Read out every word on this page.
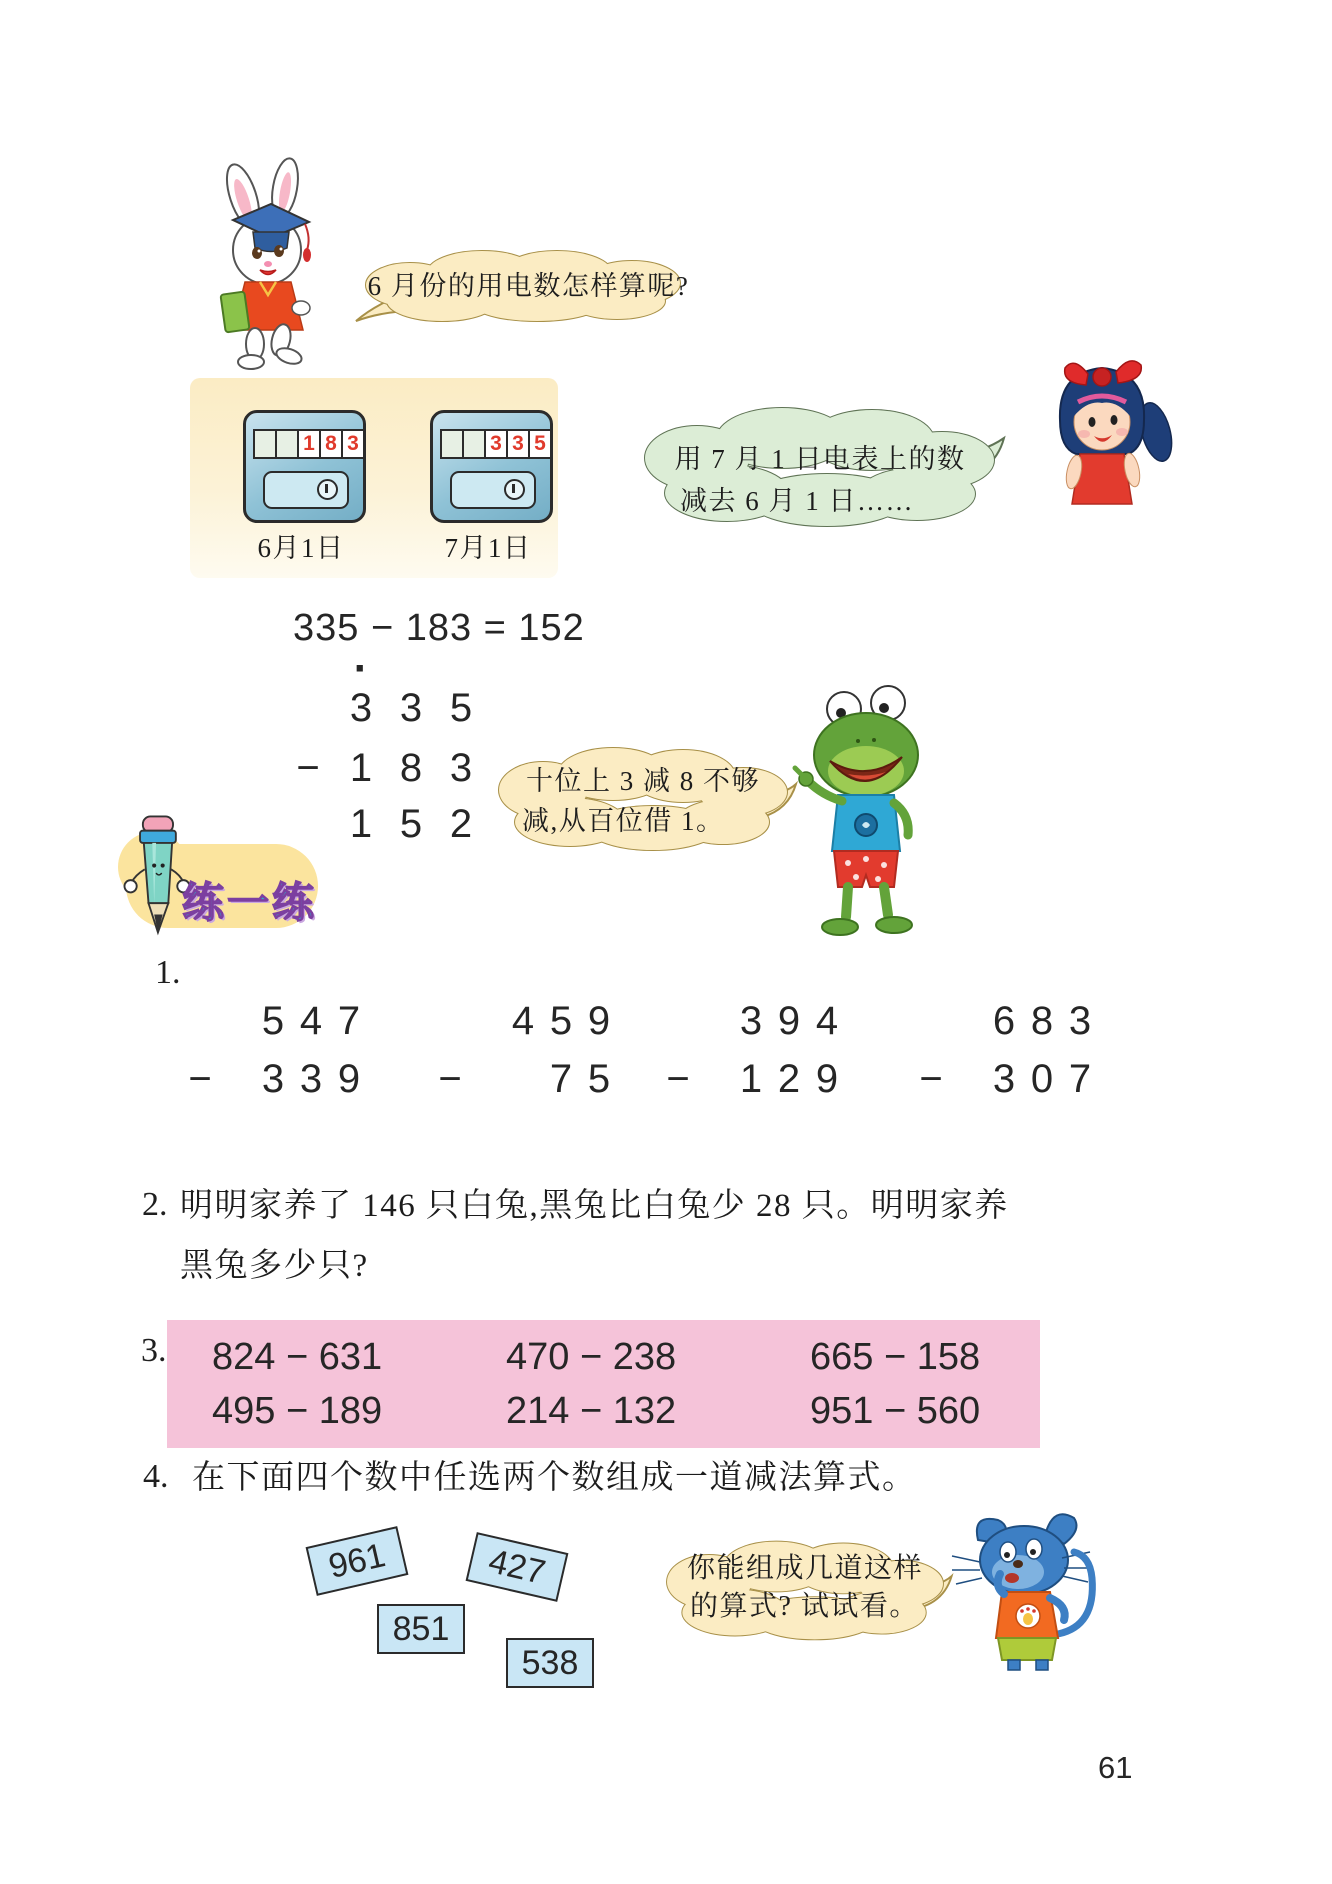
6 月份的用电数怎样算呢?
1 8 3	3 3 5
6月1日	7月1日
用 7 月 1 日电表上的数
减去 6 月 1 日……
335 − 183 = 152
·
3 3 5
− 1 8 3
1 5 2
十位上 3 减 8 不够
减,从百位借 1。
练一练
1.
5 4 7
− 3 3 9
4 5 9
− 7 5
3 9 4
− 1 2 9
6 8 3
− 3 0 7
2. 明明家养了 146 只白兔,黑兔比白兔少 28 只。明明家养
黑兔多少只?
3. 824 − 631	470 − 238	665 − 158
495 − 189	214 − 132	951 − 560
4. 在下面四个数中任选两个数组成一道减法算式。
961	427
851
538
你能组成几道这样
的算式? 试试看。
61
